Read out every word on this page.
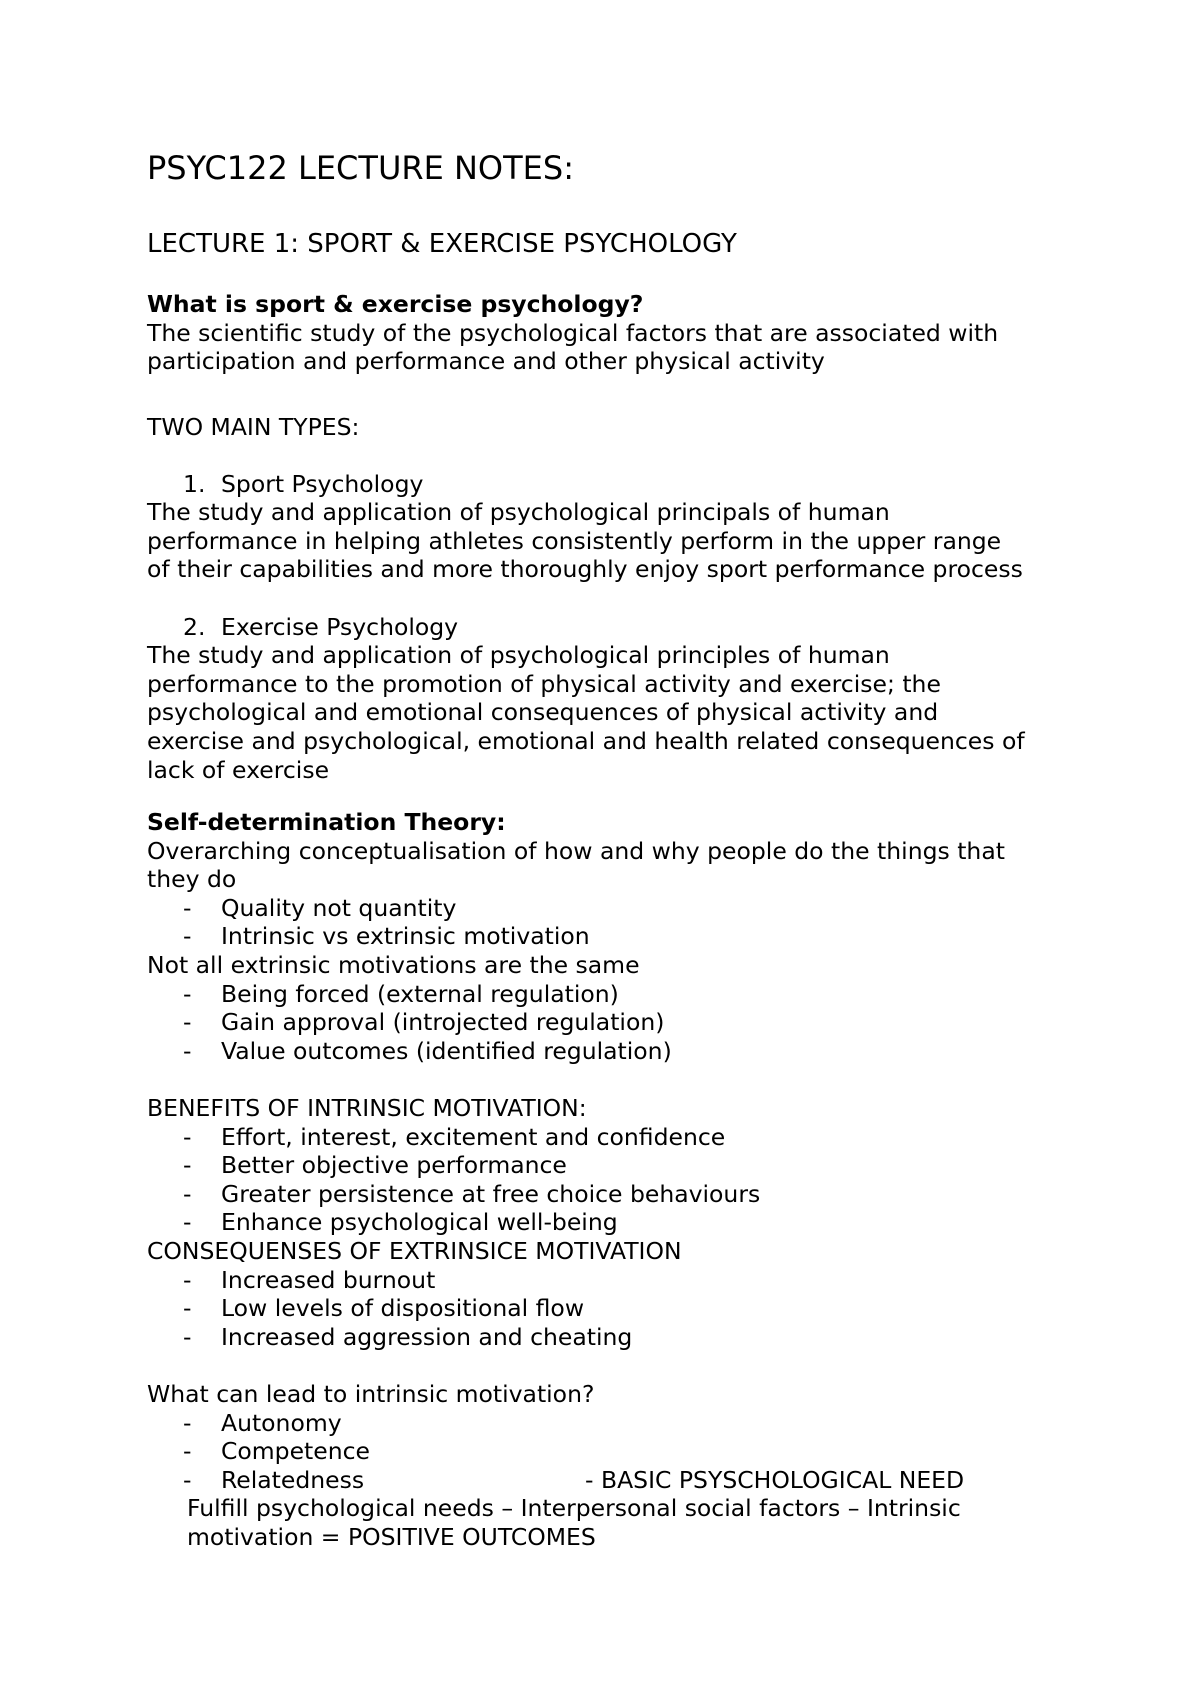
PSYC122 LECTURE NOTES:
LECTURE 1: SPORT & EXERCISE PSYCHOLOGY
What is sport & exercise psychology?
The scientific study of the psychological factors that are associated with
participation and performance and other physical activity
TWO MAIN TYPES:
1. Sport Psychology
The study and application of psychological principals of human
performance in helping athletes consistently perform in the upper range
of their capabilities and more thoroughly enjoy sport performance process
2. Exercise Psychology
The study and application of psychological principles of human
performance to the promotion of physical activity and exercise; the
psychological and emotional consequences of physical activity and
exercise and psychological, emotional and health related consequences of
lack of exercise
Self-determination Theory:
Overarching conceptualisation of how and why people do the things that
they do
-	Quality not quantity
-	Intrinsic vs extrinsic motivation
Not all extrinsic motivations are the same
-	Being forced (external regulation)
-	Gain approval (introjected regulation)
-	Value outcomes (identified regulation)
BENEFITS OF INTRINSIC MOTIVATION:
-	Effort, interest, excitement and confidence
-	Better objective performance
-	Greater persistence at free choice behaviours
-	Enhance psychological well-being
CONSEQUENSES OF EXTRINSICE MOTIVATION
-	Increased burnout
-	Low levels of dispositional flow
-	Increased aggression and cheating
What can lead to intrinsic motivation?
-	Autonomy
-	Competence
-	Relatedness	- BASIC PSYSCHOLOGICAL NEED
Fulfill psychological needs – Interpersonal social factors – Intrinsic
motivation = POSITIVE OUTCOMES
